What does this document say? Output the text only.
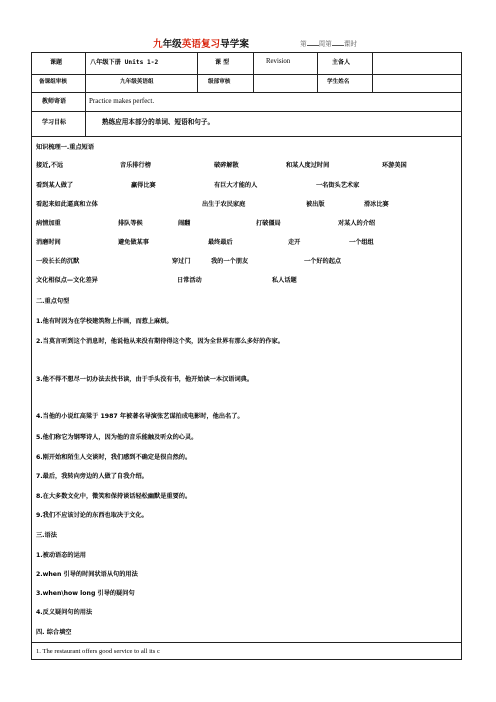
九年级英语复习导学案	第 周第 课时
课题	八年级下册 Units 1-2	课 型	Revision	主备人
备课组审核	九年级英语组	级部审核	学生姓名
教师寄语	Practice makes perfect.
学习目标	熟练应用本部分的单词、短语和句子。
知识梳理一.重点短语
接近,不远	音乐排行榜	破碎解散	和某人度过时间	环游美国
看到某人做了	赢得比赛	有巨大才能的人	一名街头艺术家
看起来如此逼真和立体	出生于农民家庭	被出版	滑冰比赛
病情加重	排队等候	闹翻	打破僵局	对某人的介绍
消磨时间	避免做某事	最终最后	走开	一个组组
一段长长的沉默	穿过门	我的一个朋友	一个好的起点
文化相似点—文化差异	日常活动	私人话题
二.重点句型
1.他有时因为在学校建筑物上作画，而惹上麻烦。
2.当莫言听到这个消息时，他说他从来没有期待得这个奖，因为全世界有那么多好的作家。
3.他不得不想尽一切办法去找书读，由于手头没有书，他开始读一本汉语词典。
4.当他的小说红高粱于 1987 年被著名导演张艺谋拍成电影时，他出名了。
5.他们称它为钢琴诗人，因为他的音乐能触及听众的心灵。
6.刚开始和陌生人交谈时，我们感到不确定是很自然的。
7.最后，我转向旁边的人做了自我介绍。
8.在大多数文化中，微笑和保持谈话轻松幽默是重要的。
9.我们不应该讨论的东西也取决于文化。
三.语法
1.被动语态的运用
2.when 引导的时间状语从句的用法
3.when\how long 引导的疑问句
4.反义疑问句的用法
四. 综合填空
1. The restaurant offers good service to all its c
